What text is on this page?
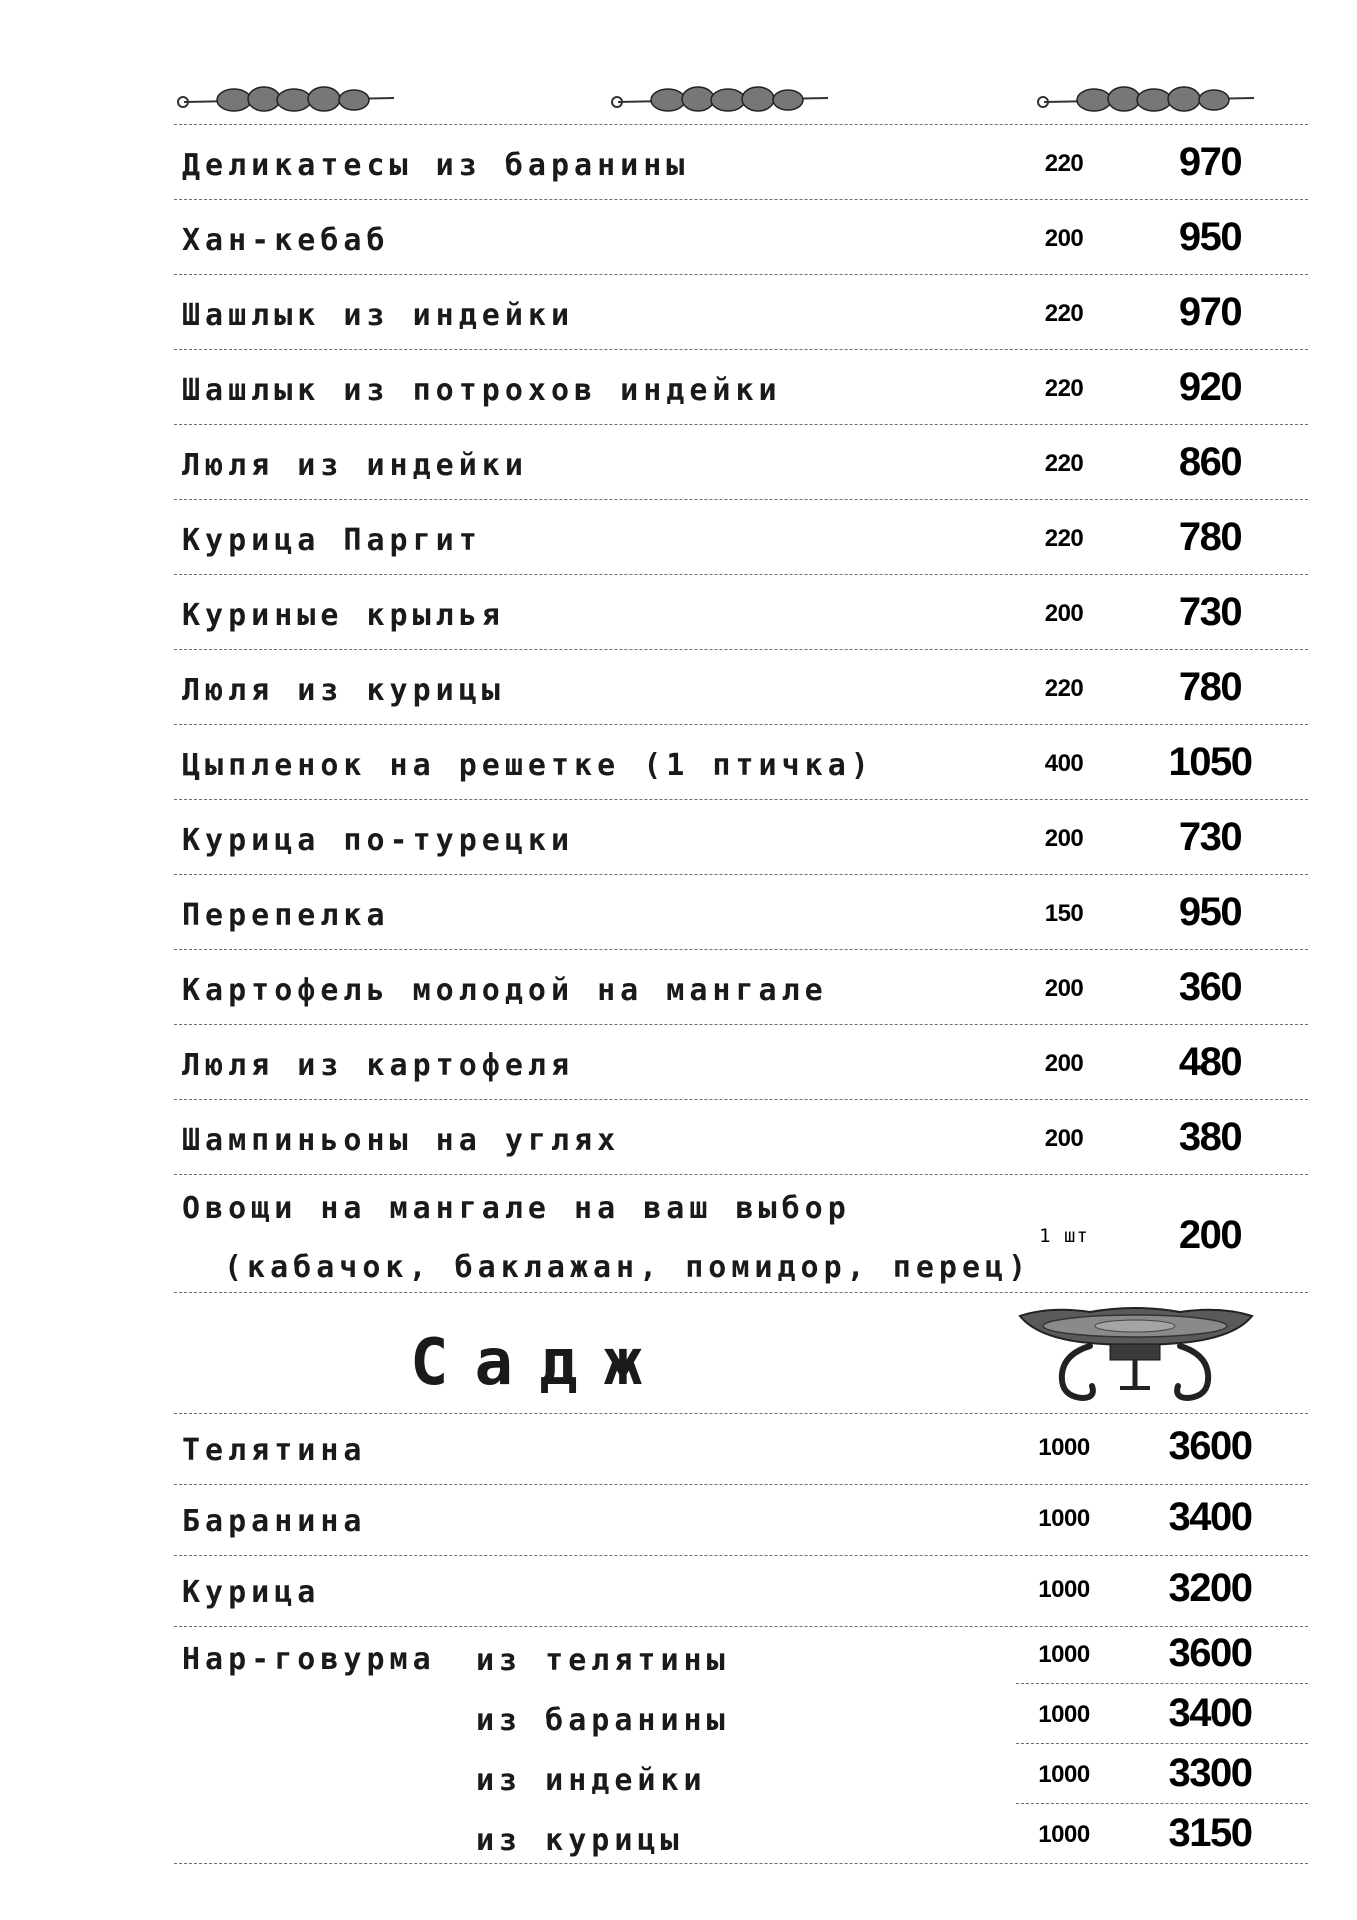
Деликатесы из баранины	220	970
Хан-кебаб	200	950
Шашлык из индейки	220	970
Шашлык из потрохов индейки	220	920
Люля из индейки	220	860
Курица Паргит	220	780
Куриные крылья	200	730
Люля из курицы	220	780
Цыпленок на решетке (1 птичка)	400	1050
Курица по-турецки	200	730
Перепелка	150	950
Картофель молодой на мангале	200	360
Люля из картофеля	200	480
Шампиньоны на углях	200	380
Овощи на мангале на ваш выбор
(кабачок, баклажан, помидор, перец)
1 шт	200
Садж
Телятина	1000	3600
Баранина	1000	3400
Курица	1000	3200
Нар-говурма из телятины	1000	3600
из баранины	1000	3400
из индейки	1000	3300
из курицы	1000	3150
